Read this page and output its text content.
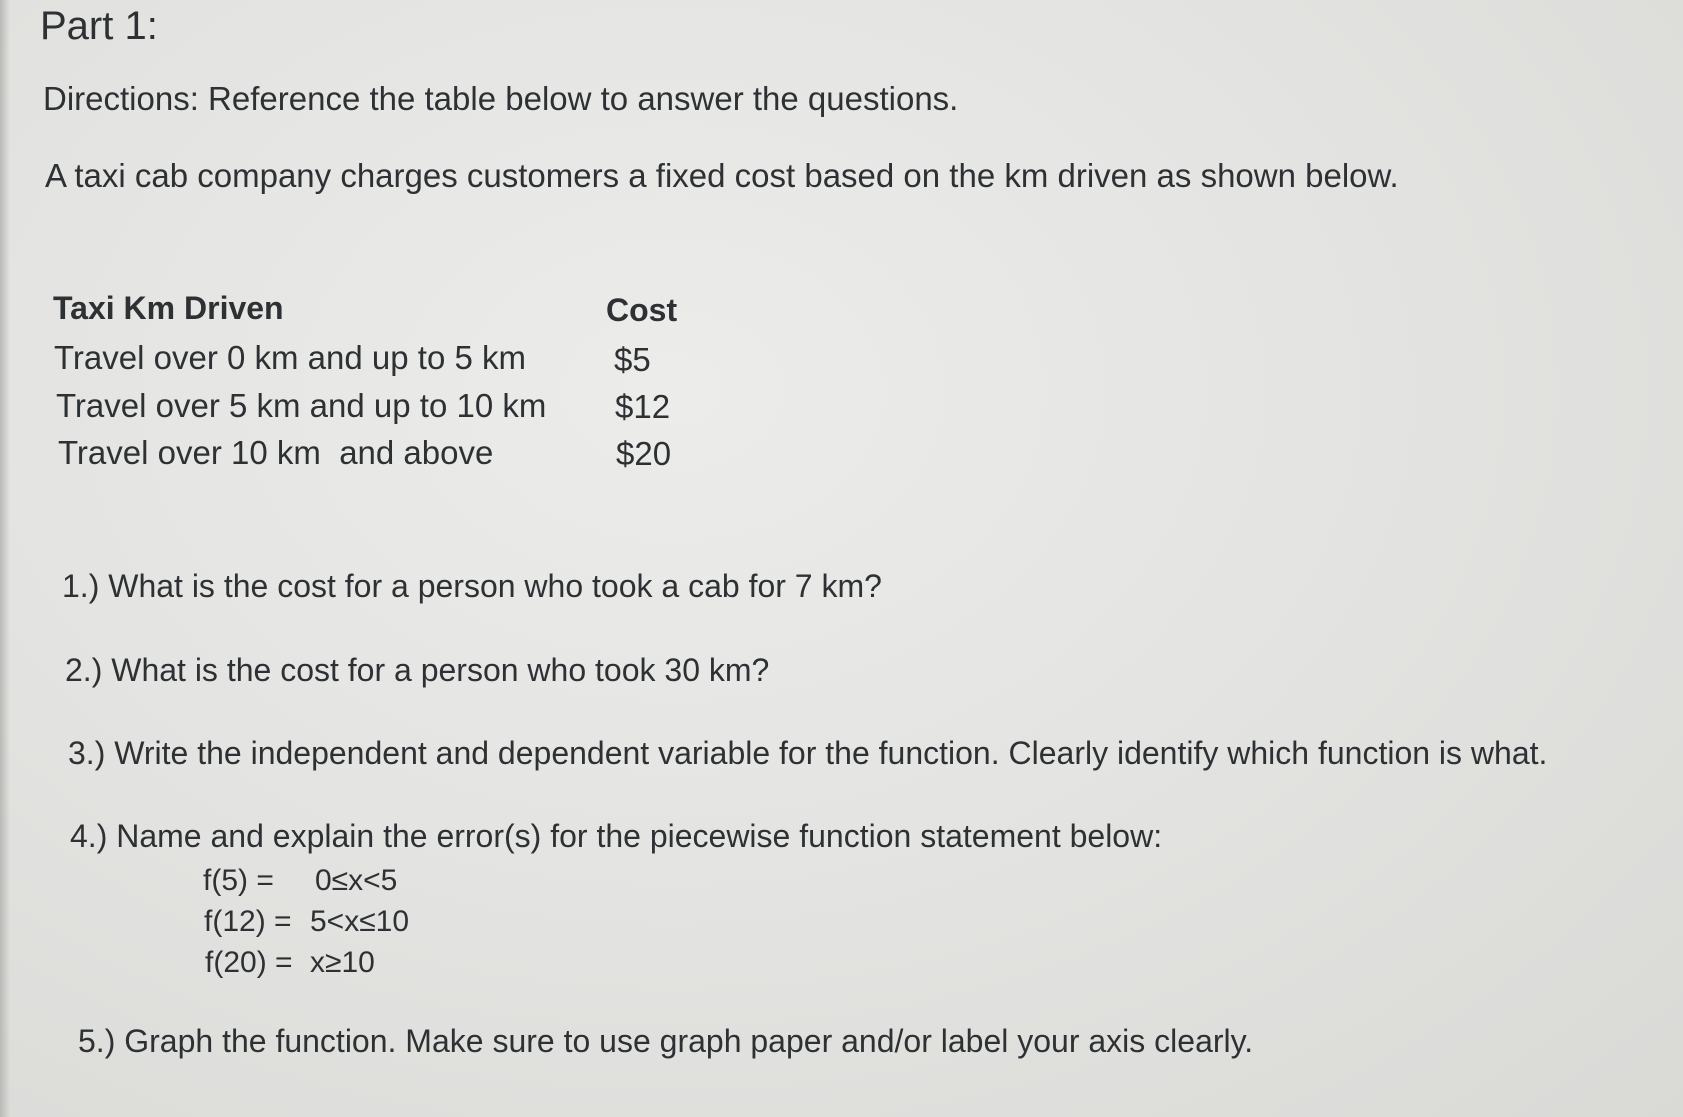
Part 1:
Directions: Reference the table below to answer the questions.
A taxi cab company charges customers a fixed cost based on the km driven as shown below.
Taxi Km Driven	Cost
Travel over 0 km and up to 5 km	$5
Travel over 5 km and up to 10 km $12
Travel over 10 km  and above	$20
1.) What is the cost for a person who took a cab for 7 km?
2.) What is the cost for a person who took 30 km?
3.) Write the independent and dependent variable for the function. Clearly identify which function is what.
4.) Name and explain the error(s) for the piecewise function statement below:
f(5) = 0≤x<5
f(12) = 5<x≤10
f(20) = x≥10
5.) Graph the function. Make sure to use graph paper and/or label your axis clearly.
